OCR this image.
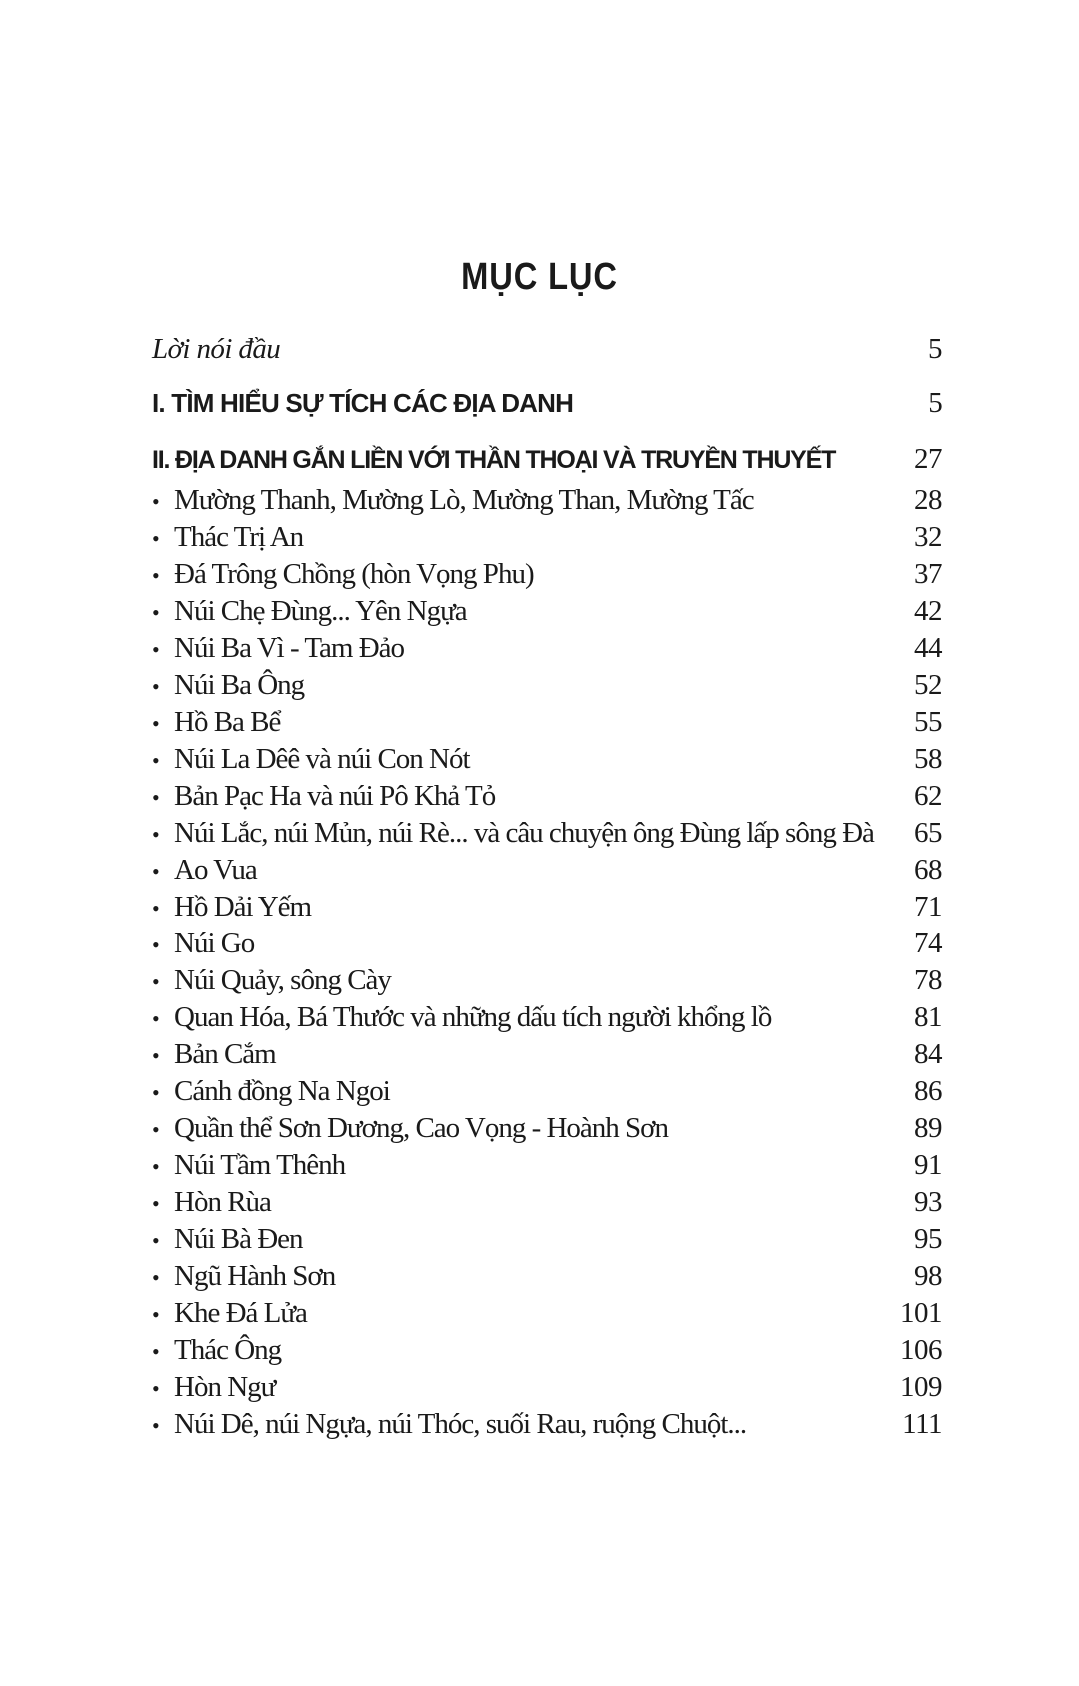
MỤC LỤC
Lời nói đầu	5
I. TÌM HIỂU SỰ TÍCH CÁC ĐỊA DANH	5
II. ĐỊA DANH GẮN LIỀN VỚI THẦN THOẠI VÀ TRUYỀN THUYẾT	27
• Mường Thanh, Mường Lò, Mường Than, Mường Tấc	28
• Thác Trị An	32
• Đá Trông Chồng (hòn Vọng Phu)	37
• Núi Chẹ Đùng... Yên Ngựa	42
• Núi Ba Vì - Tam Đảo	44
• Núi Ba Ông	52
• Hồ Ba Bể	55
• Núi La Dêê và núi Con Nót	58
• Bản Pạc Ha và núi Pô Khả Tỏ	62
• Núi Lắc, núi Mủn, núi Rè... và câu chuyện ông Đùng lấp sông Đà	65
• Ao Vua	68
• Hồ Dải Yếm	71
• Núi Go	74
• Núi Quảy, sông Cày	78
• Quan Hóa, Bá Thước và những dấu tích người khổng lồ	81
• Bản Cắm	84
• Cánh đồng Na Ngoi	86
• Quần thể Sơn Dương, Cao Vọng - Hoành Sơn	89
• Núi Tầm Thênh	91
• Hòn Rùa	93
• Núi Bà Đen	95
• Ngũ Hành Sơn	98
• Khe Đá Lửa	101
• Thác Ông	106
• Hòn Ngư	109
• Núi Dê, núi Ngựa, núi Thóc, suối Rau, ruộng Chuột...	111
